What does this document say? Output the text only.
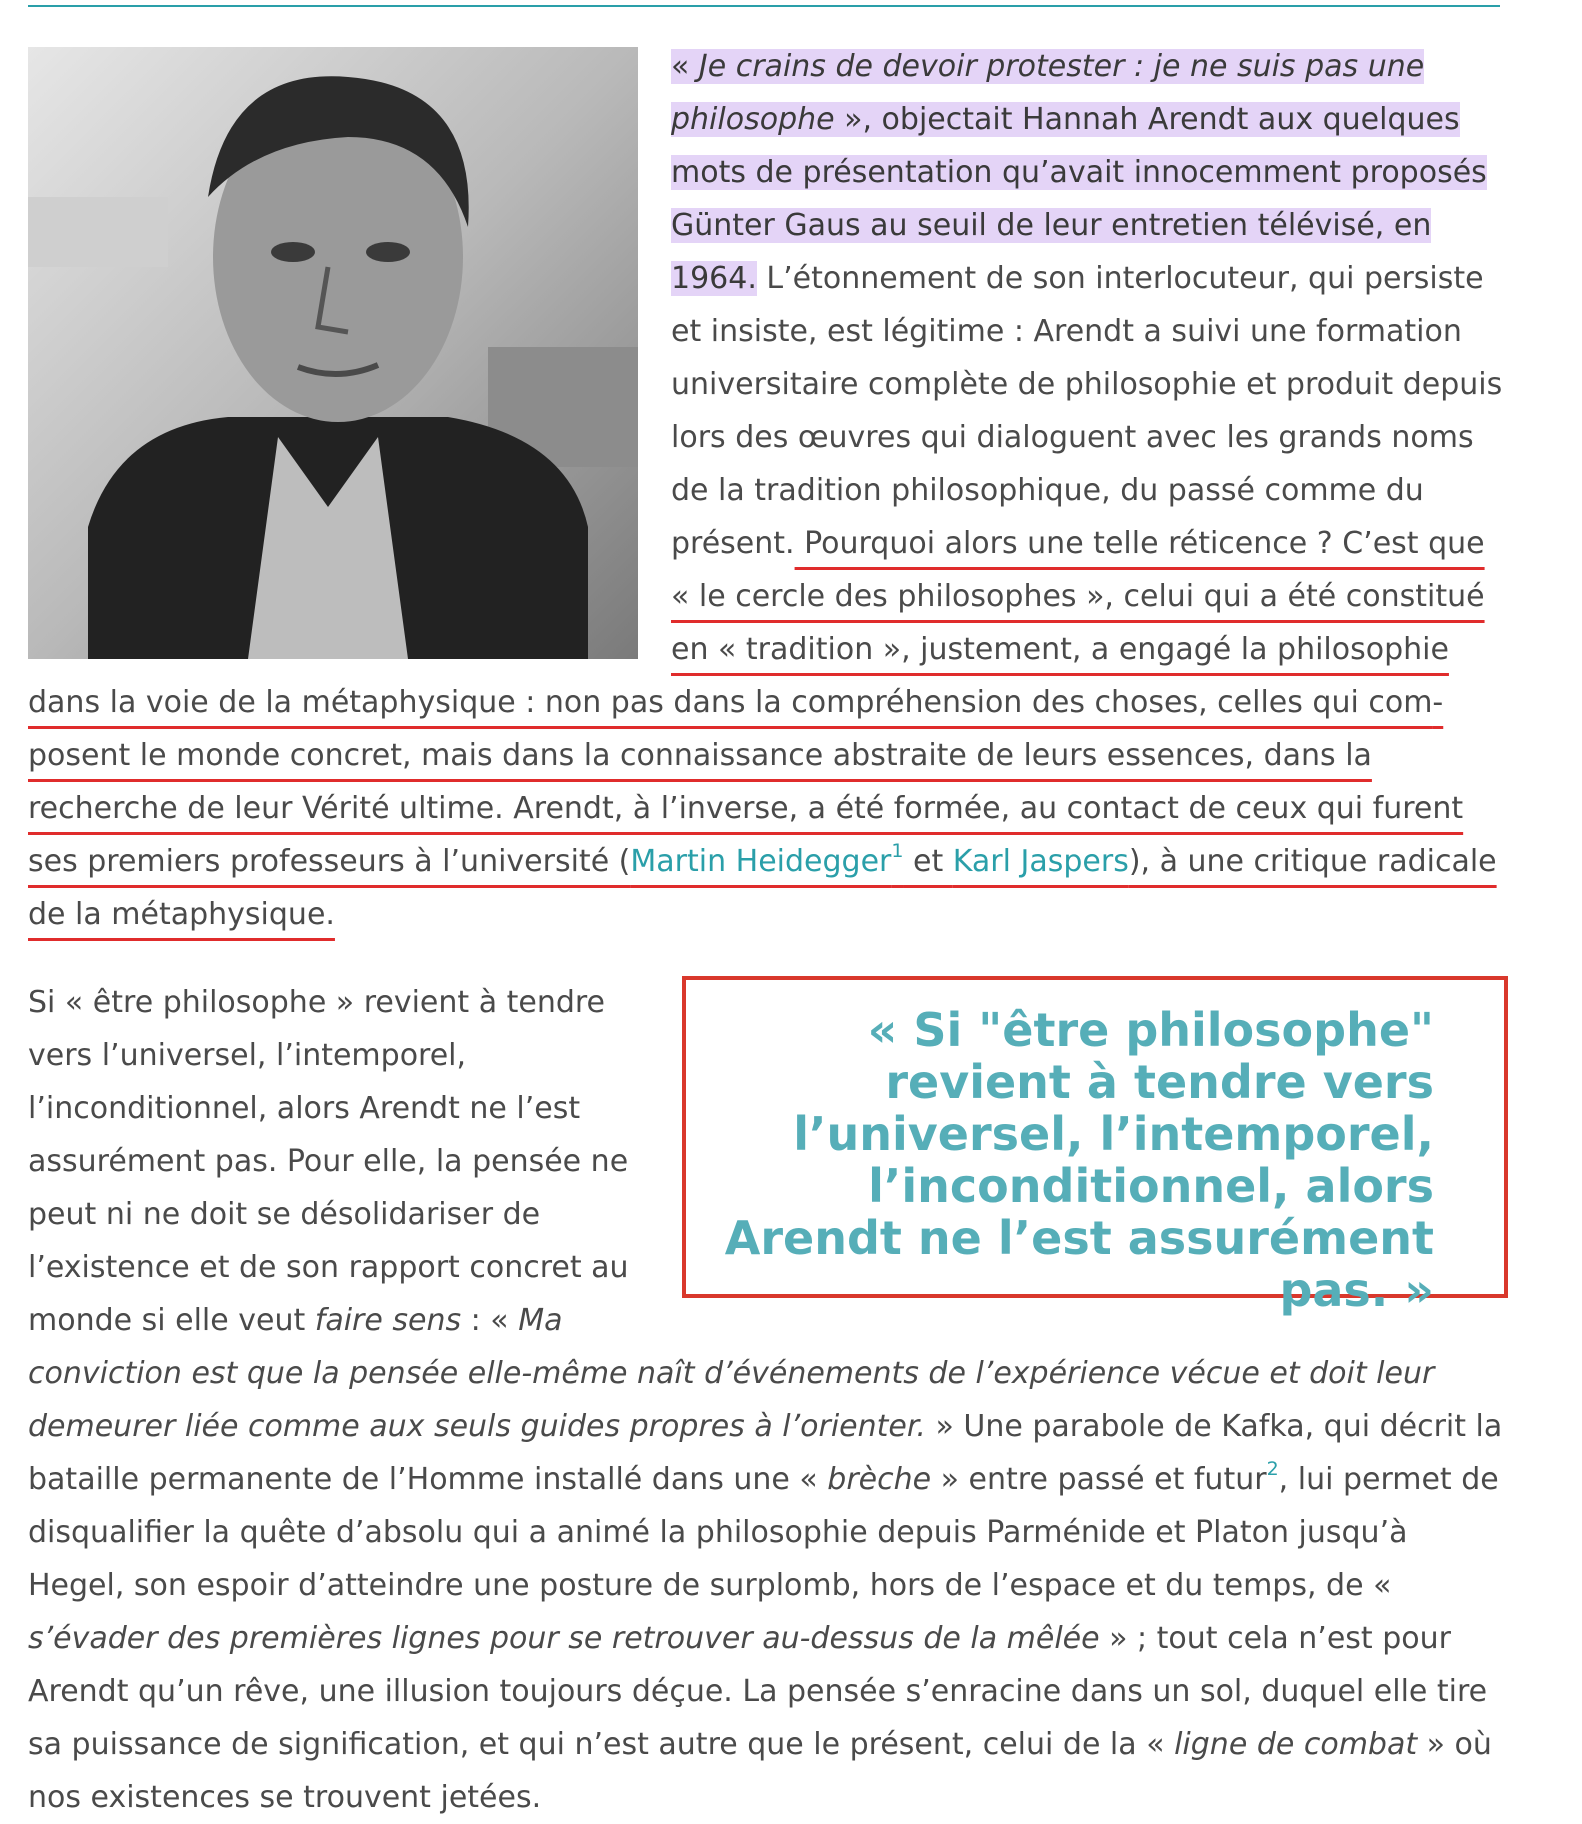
« Je crains de devoir protester : je ne suis pas une philosophe », objectait Hannah Arendt aux quelques mots de présentation qu’avait innocemment proposés Günter Gaus au seuil de leur entretien télévisé, en 1964. L’étonnement de son interlocuteur, qui persiste et insiste, est légitime : Arendt a suivi une formation universitaire complète de philosophie et produit depuis lors des œuvres qui dialoguent avec les grands noms de la tradition philosophique, du passé comme du présent. Pourquoi alors une telle réticence ? C’est que « le cercle des philosophes », celui qui a été constitué en « tradition », justement, a engagé la philosophie dans la voie de la métaphysique : non pas dans la compréhension des choses, celles qui composent le monde concret, mais dans la connaissance abstraite de leurs essences, dans la recherche de leur Vérité ultime. Arendt, à l’inverse, a été formée, au contact de ceux qui furent ses premiers professeurs à l’université (Martin Heidegger$^1$ et Karl Jaspers), à une critique radicale de la métaphysique.

« Si "être philosophe" revient à tendre vers l’universel, l’intemporel, l’inconditionnel, alors Arendt ne l’est assurément pas. »

Si « être philosophe » revient à tendre vers l’universel, l’intemporel, l’inconditionnel, alors Arendt ne l’est assurément pas. Pour elle, la pensée ne peut ni ne doit se désolidariser de l’existence et de son rapport concret au monde si elle veut faire sens : « Ma conviction est que la pensée elle-même naît d’événements de l’expérience vécue et doit leur demeurer liée comme aux seuls guides propres à l’orienter. » Une parabole de Kafka, qui décrit la bataille permanente de l’Homme installé dans une « brèche » entre passé et futur$^2$, lui permet de disqualifier la quête d’absolu qui a animé la philosophie depuis Parménide et Platon jusqu’à Hegel, son espoir d’atteindre une posture de surplomb, hors de l’espace et du temps, de « s’évader des premières lignes pour se retrouver au-dessus de la mêlée » ; tout cela n’est pour Arendt qu’un rêve, une illusion toujours déçue. La pensée s’enracine dans un sol, duquel elle tire sa puissance de signification, et qui n’est autre que le présent, celui de la « ligne de combat » où nos existences se trouvent jetées.
